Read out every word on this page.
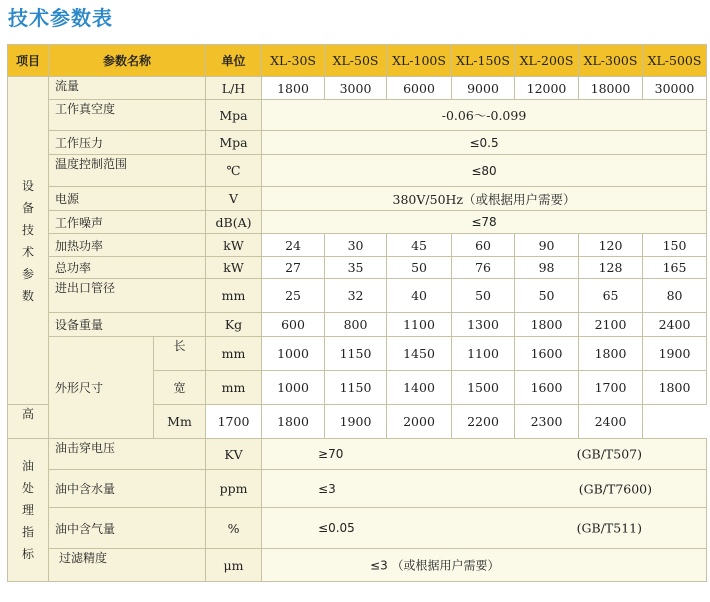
技术参数表
项目	参数名称		单位	XL-30S	XL-50S	XL-100S	XL-150S	XL-200S	XL-300S	XL-500S
设备技术参数	流量		L/H	1800	3000	6000	9000	12000	18000	30000
	工作真空度		Mpa	-0.06～-0.099						
	工作压力		Mpa	≤0.5						
	温度控制范围		℃	≤80						
	电源		V	380V/50Hz（或根据用户需要）						
	工作噪声		dB(A)	≤78						
	加热功率		kW	24	30	45	60	90	120	150
	总功率		kW	27	35	50	76	98	128	165
	进出口管径		mm	25	32	40	50	50	65	80
	设备重量		Kg	600	800	1100	1300	1800	2100	2400
	外形尺寸	长	mm	1000	1150	1450	1100	1600	1800	1900
		宽	mm	1000	1150	1400	1500	1600	1700	1800
高		Mm	1700	1800	1900	2000	2200	2300	2400	
油处理指标	油击穿电压		KV	≥70 (GB/T507)						

	油中含水量		ppm	≤3 (GB/T7600)						

	油中含气量		%	≤0.05 (GB/T511)						

	过滤精度		μm	≤3 （或根据用户需要）						
